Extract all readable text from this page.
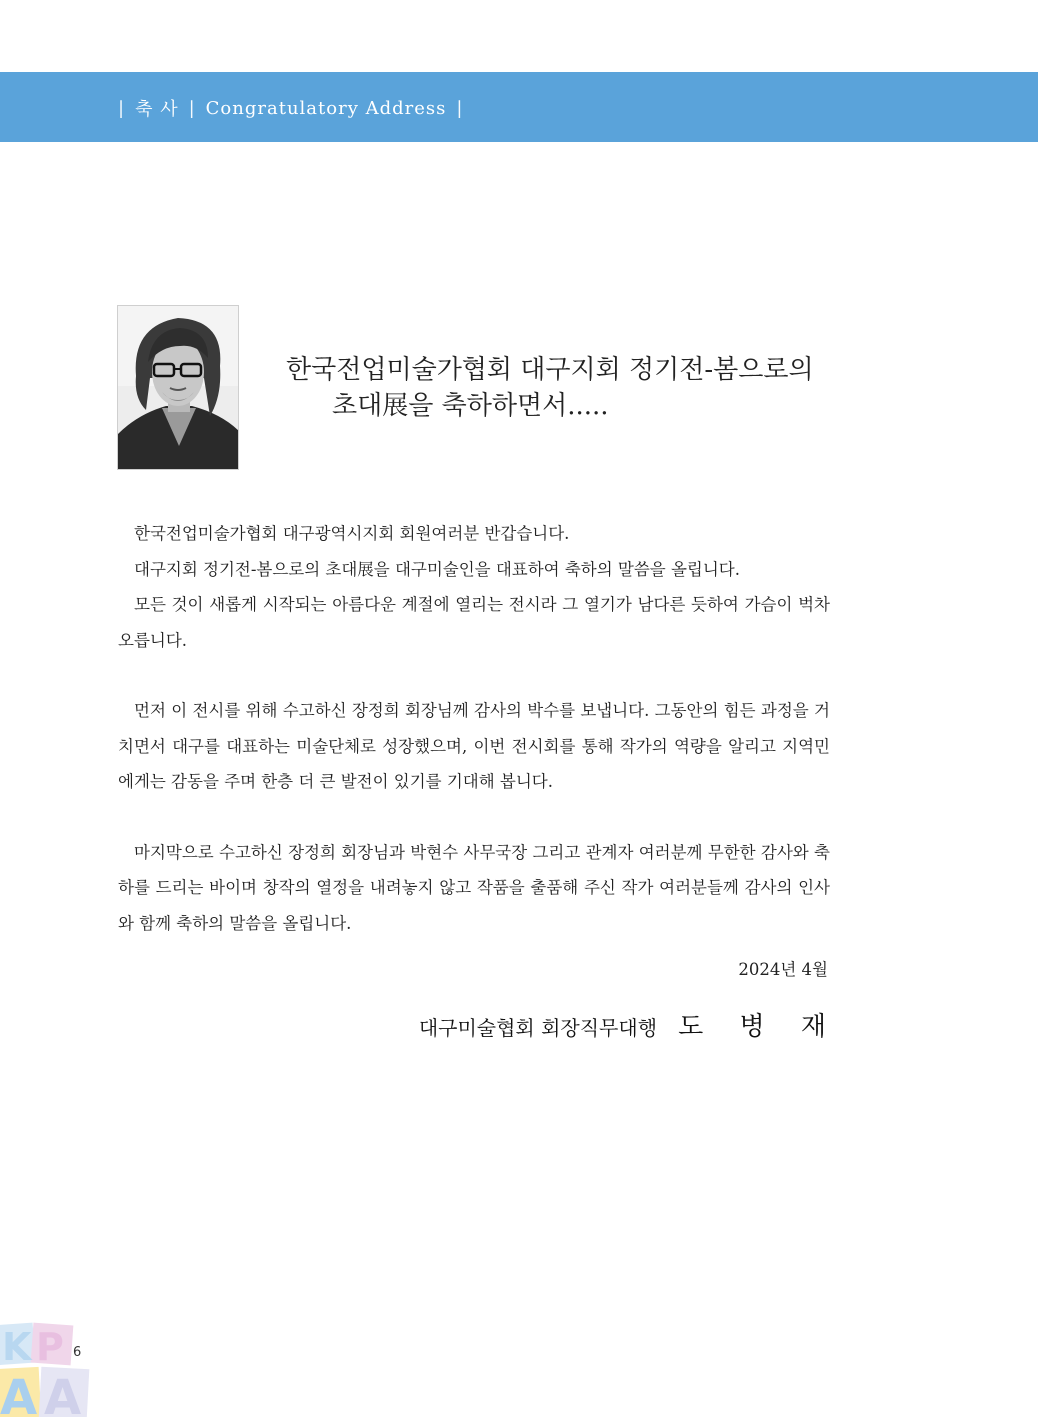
| 축 사 | Congratulatory Address |
한국전업미술가협회 대구지회 정기전-봄으로의
초대展을 축하하면서.....
한국전업미술가협회 대구광역시지회 회원여러분 반갑습니다.
대구지회 정기전-봄으로의 초대展을 대구미술인을 대표하여 축하의 말씀을 올립니다.
모든 것이 새롭게 시작되는 아름다운 계절에 열리는 전시라 그 열기가 남다른 듯하여 가슴이 벅차 오릅니다.

먼저 이 전시를 위해 수고하신 장정희 회장님께 감사의 박수를 보냅니다. 그동안의 힘든 과정을 거치면서 대구를 대표하는 미술단체로 성장했으며, 이번 전시회를 통해 작가의 역량을 알리고 지역민에게는 감동을 주며 한층 더 큰 발전이 있기를 기대해 봅니다.

마지막으로 수고하신 장정희 회장님과 박현수 사무국장 그리고 관계자 여러분께 무한한 감사와 축하를 드리는 바이며 창작의 열정을 내려놓지 않고 작품을 출품해 주신 작가 여러분들께 감사의 인사와 함께 축하의 말씀을 올립니다.

2024년 4월
대구미술협회 회장직무대행 도 병 재
K P
A A
6
